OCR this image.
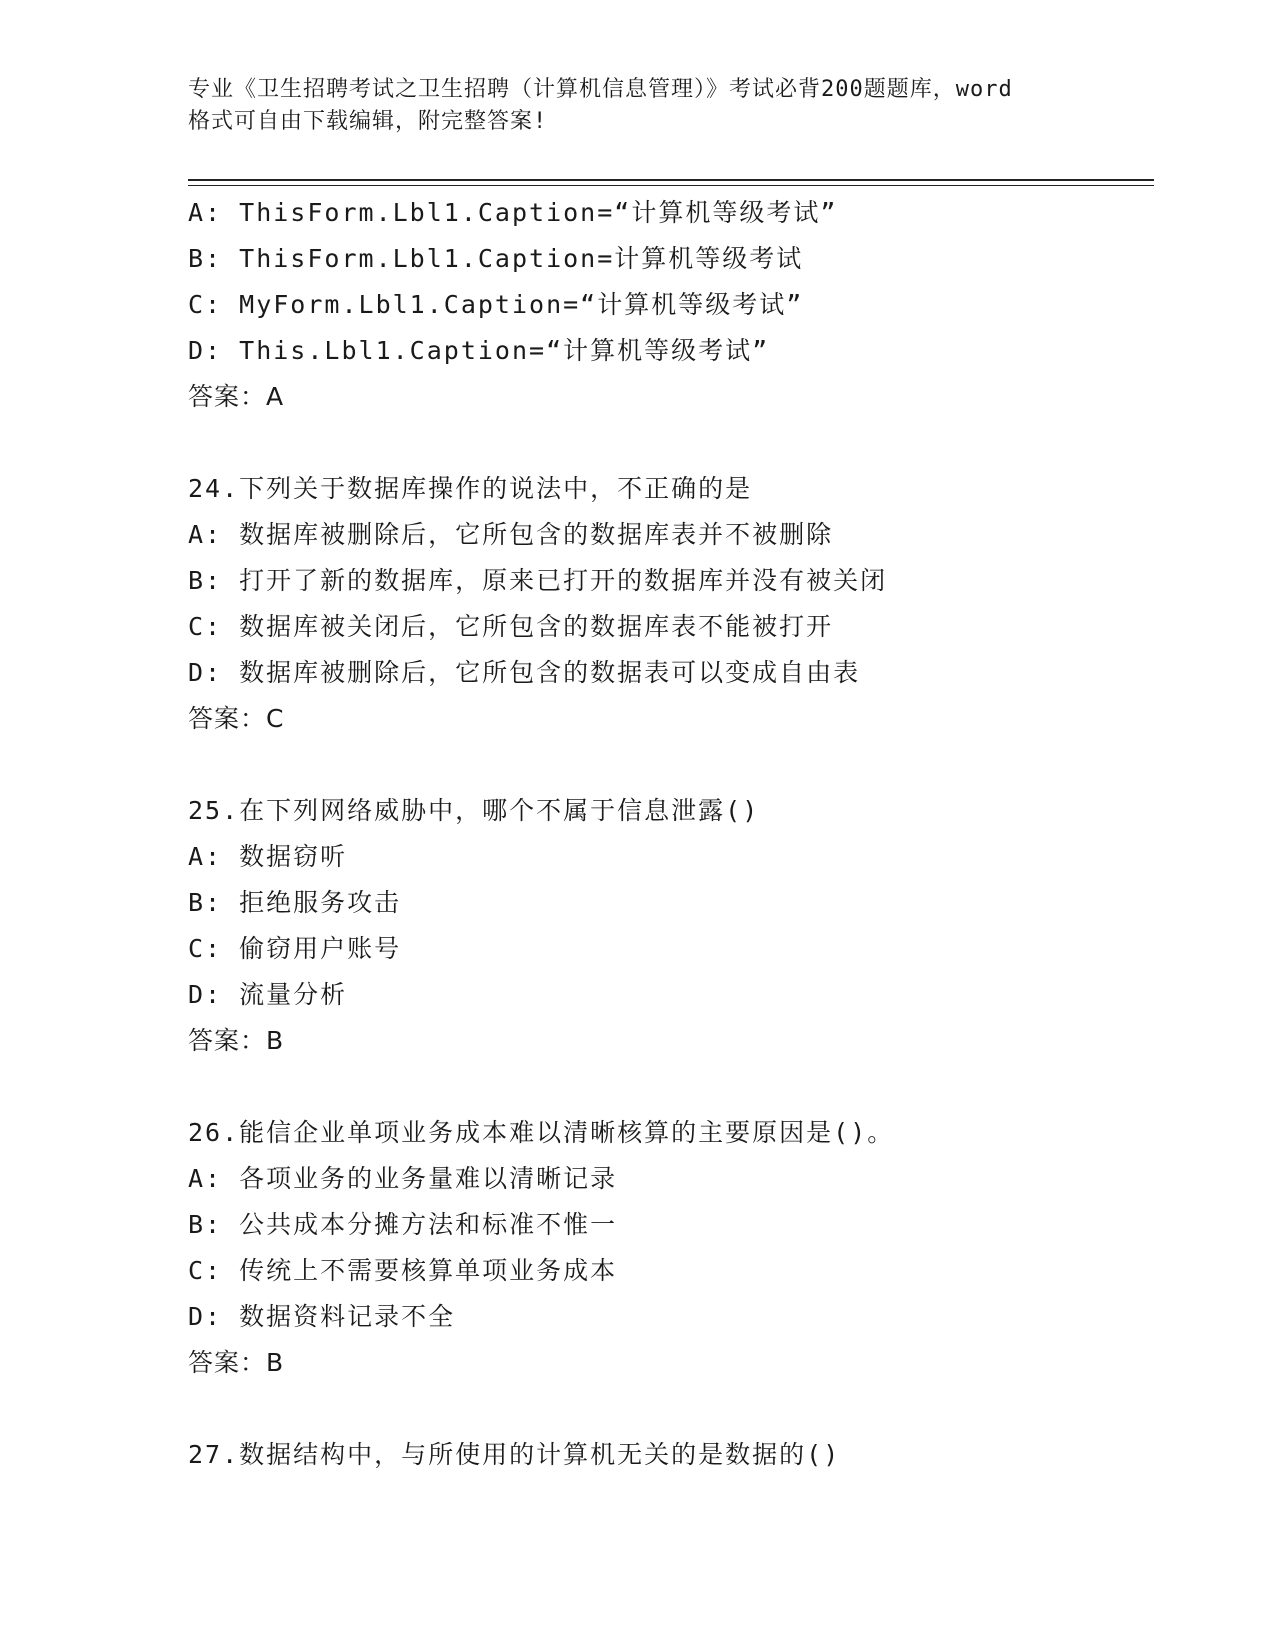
专业《卫生招聘考试之卫生招聘（计算机信息管理）》考试必背200题题库，word
格式可自由下载编辑，附完整答案!
A: ThisForm.Lbl1.Caption=“计算机等级考试”
B: ThisForm.Lbl1.Caption=计算机等级考试
C: MyForm.Lbl1.Caption=“计算机等级考试”
D: This.Lbl1.Caption=“计算机等级考试”
答案：A
24.下列关于数据库操作的说法中，不正确的是
A: 数据库被删除后，它所包含的数据库表并不被删除
B: 打开了新的数据库，原来已打开的数据库并没有被关闭
C: 数据库被关闭后，它所包含的数据库表不能被打开
D: 数据库被删除后，它所包含的数据表可以变成自由表
答案：C
25.在下列网络威胁中，哪个不属于信息泄露()
A: 数据窃听
B: 拒绝服务攻击
C: 偷窃用户账号
D: 流量分析
答案：B
26.能信企业单项业务成本难以清晰核算的主要原因是()。
A: 各项业务的业务量难以清晰记录
B: 公共成本分摊方法和标准不惟一
C: 传统上不需要核算单项业务成本
D: 数据资料记录不全
答案：B
27.数据结构中，与所使用的计算机无关的是数据的()
